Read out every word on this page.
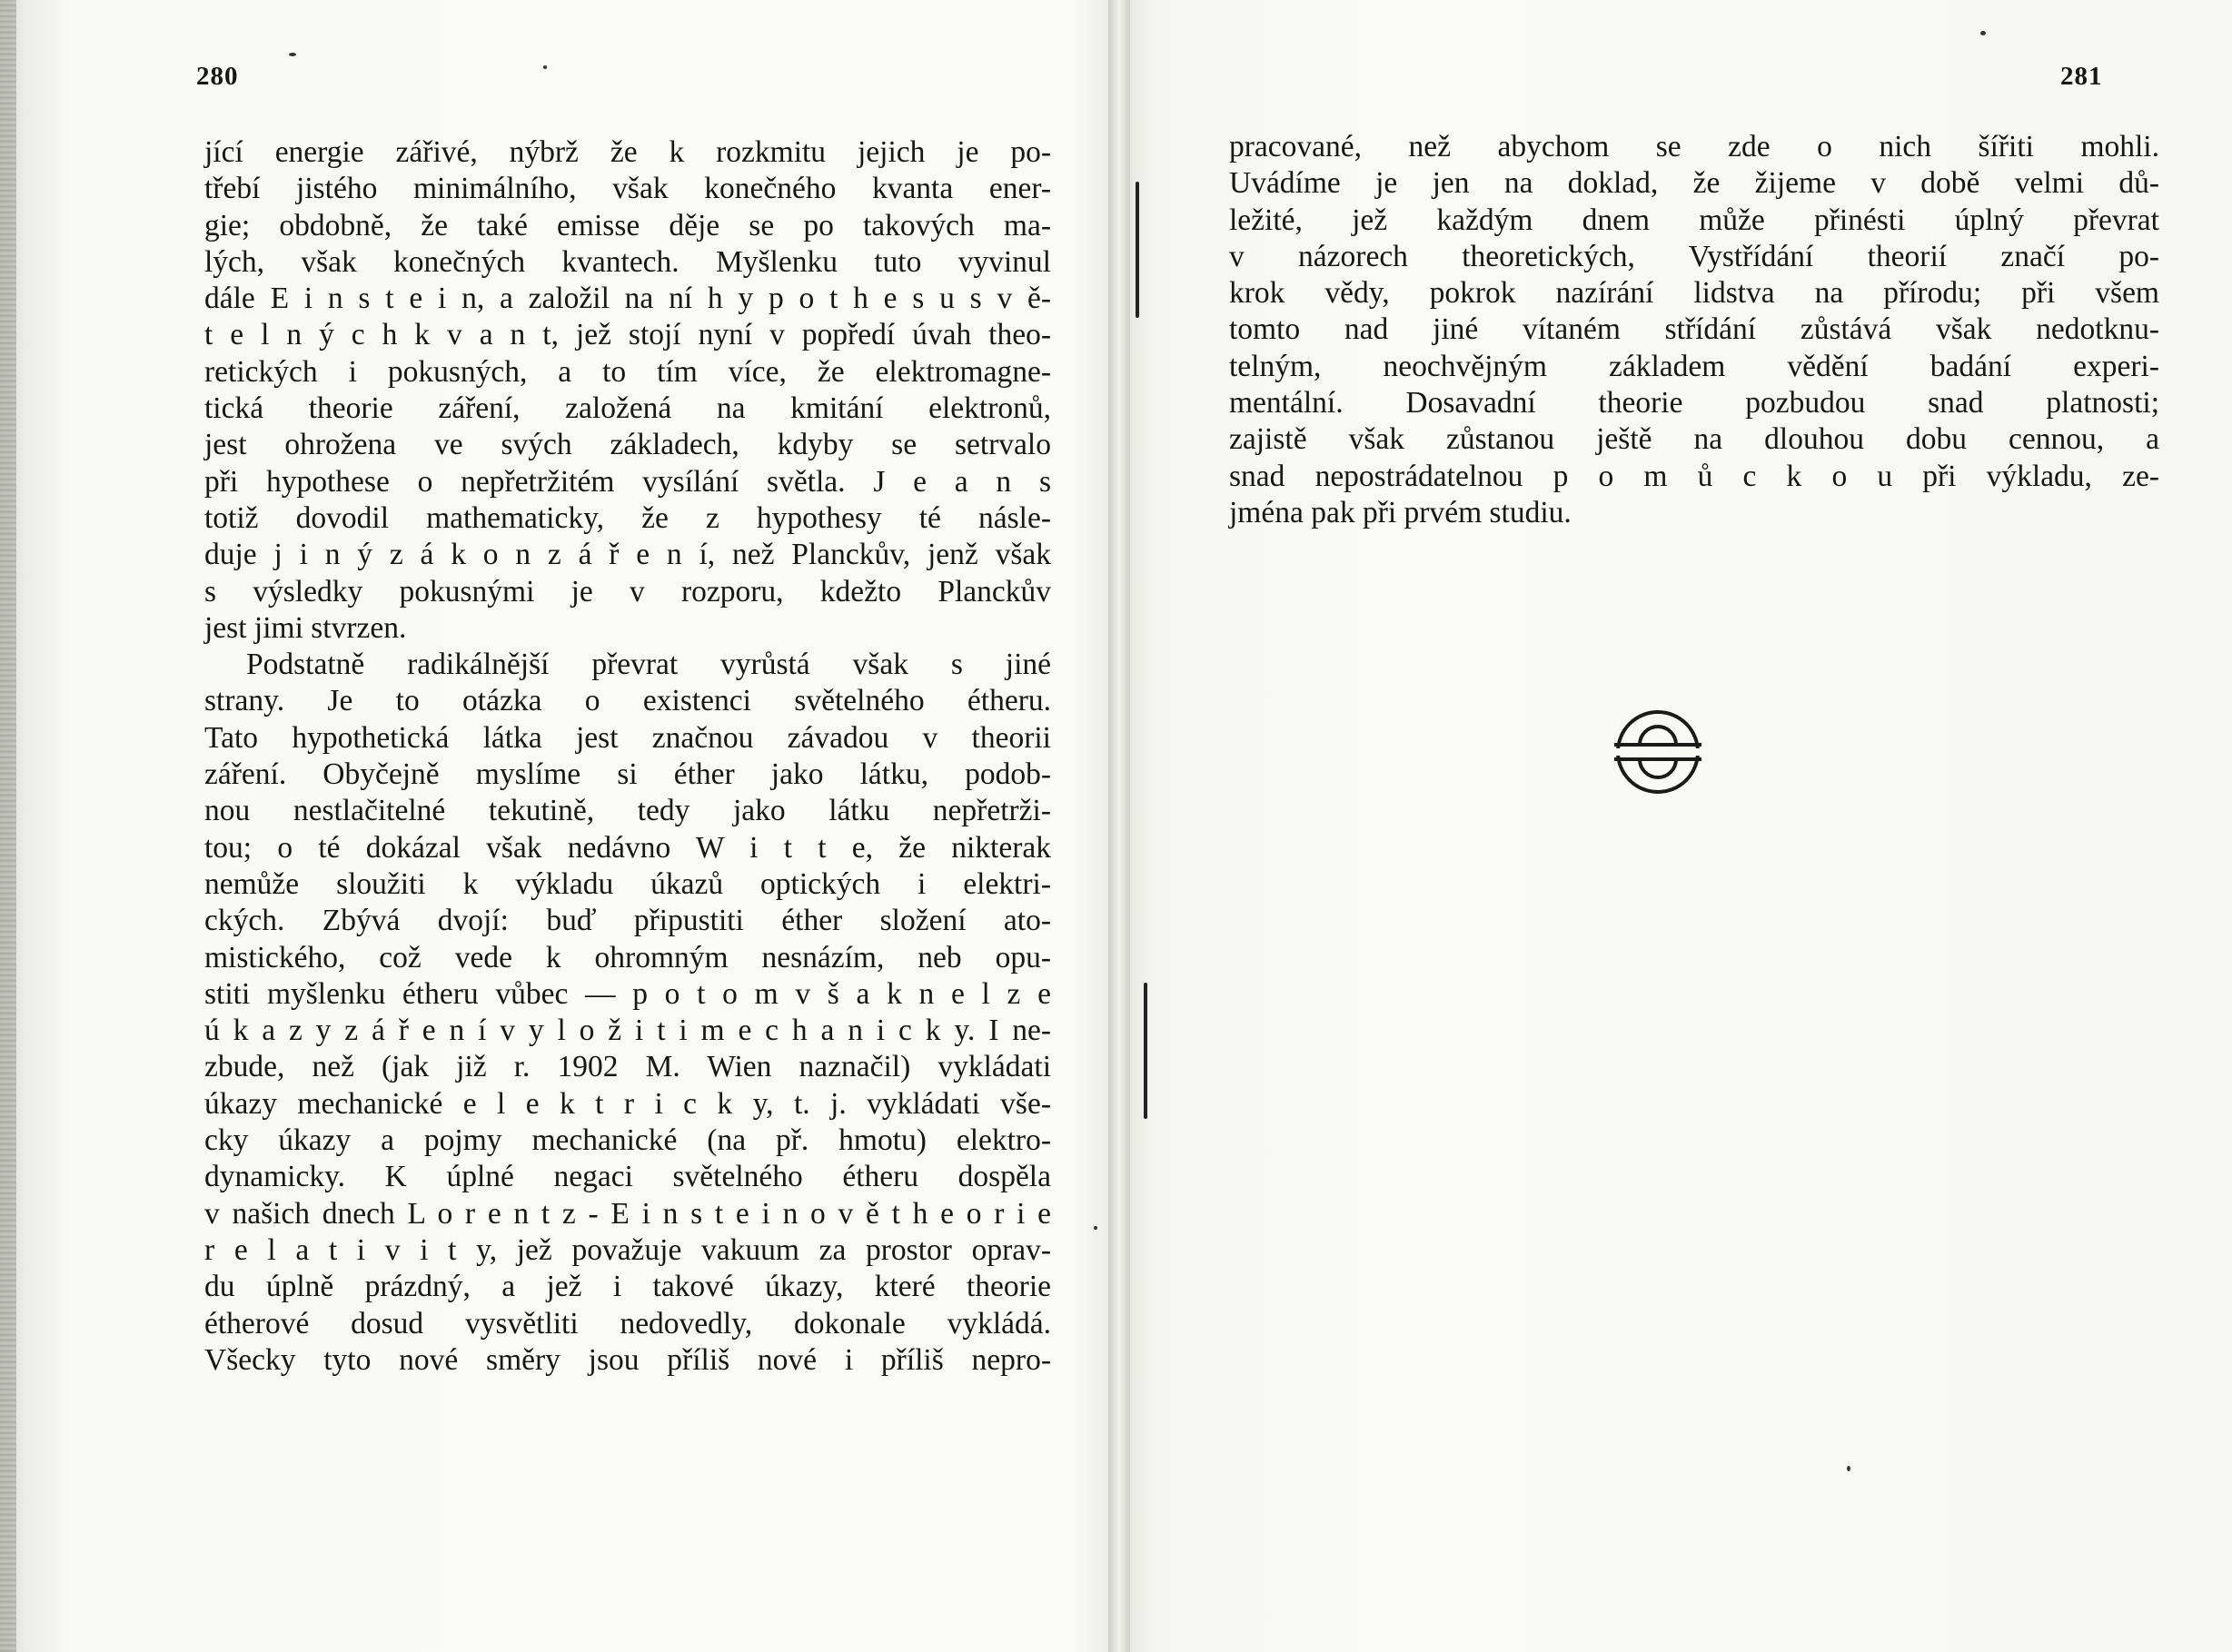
280

jící energie zářivé, nýbrž že k rozkmitu jejich je po-
třebí jistého minimálního, však konečného kvanta ener-
gie; obdobně, že také emisse děje se po takových ma-
lých, však konečných kvantech. Myšlenku tuto vyvinul
dále E i n s t e i n, a založil na ní h y p o t h e s u s v ě-
t e l n ý c h k v a n t, jež stojí nyní v popředí úvah theo-
retických i pokusných, a to tím více, že elektromagne-
tická theorie záření, založená na kmitání elektronů,
jest ohrožena ve svých základech, kdyby se setrvalo
při hypothese o nepřetržitém vysílání světla. J e a n s
totiž dovodil mathematicky, že z hypothesy té násle-
duje j i n ý z á k o n z á ř e n í, než Planckův, jenž však
s výsledky pokusnými je v rozporu, kdežto Planckův
jest jimi stvrzen.
Podstatně radikálnější převrat vyrůstá však s jiné
strany. Je to otázka o existenci světelného étheru.
Tato hypothetická látka jest značnou závadou v theorii
záření. Obyčejně myslíme si éther jako látku, podob-
nou nestlačitelné tekutině, tedy jako látku nepřetrži-
tou; o té dokázal však nedávno W i t t e, že nikterak
nemůže sloužiti k výkladu úkazů optických i elektri-
ckých. Zbývá dvojí: buď připustiti éther složení ato-
mistického, což vede k ohromným nesnázím, neb opu-
stiti myšlenku étheru vůbec — p o t o m v š a k n e l z e
ú k a z y z á ř e n í v y l o ž i t i m e c h a n i c k y. I ne-
zbude, než (jak již r. 1902 M. Wien naznačil) vykládati
úkazy mechanické e l e k t r i c k y, t. j. vykládati vše-
cky úkazy a pojmy mechanické (na př. hmotu) elektro-
dynamicky. K úplné negaci světelného étheru dospěla
v našich dnech L o r e n t z - E i n s t e i n o v ě t h e o r i e
r e l a t i v i t y, jež považuje vakuum za prostor oprav-
du úplně prázdný, a jež i takové úkazy, které theorie
étherové dosud vysvětliti nedovedly, dokonale vykládá.
Všecky tyto nové směry jsou příliš nové i příliš nepro-

281

pracované, než abychom se zde o nich šířiti mohli.
Uvádíme je jen na doklad, že žijeme v době velmi dů-
ležité, jež každým dnem může přinésti úplný převrat
v názorech theoretických, Vystřídání theorií značí po-
krok vědy, pokrok nazírání lidstva na přírodu; při všem
tomto nad jiné vítaném střídání zůstává však nedotknu-
telným, neochvějným základem vědění badání experi-
mentální. Dosavadní theorie pozbudou snad platnosti;
zajistě však zůstanou ještě na dlouhou dobu cennou, a
snad nepostrádatelnou p o m ů c k o u při výkladu, ze-
jména pak při prvém studiu.
